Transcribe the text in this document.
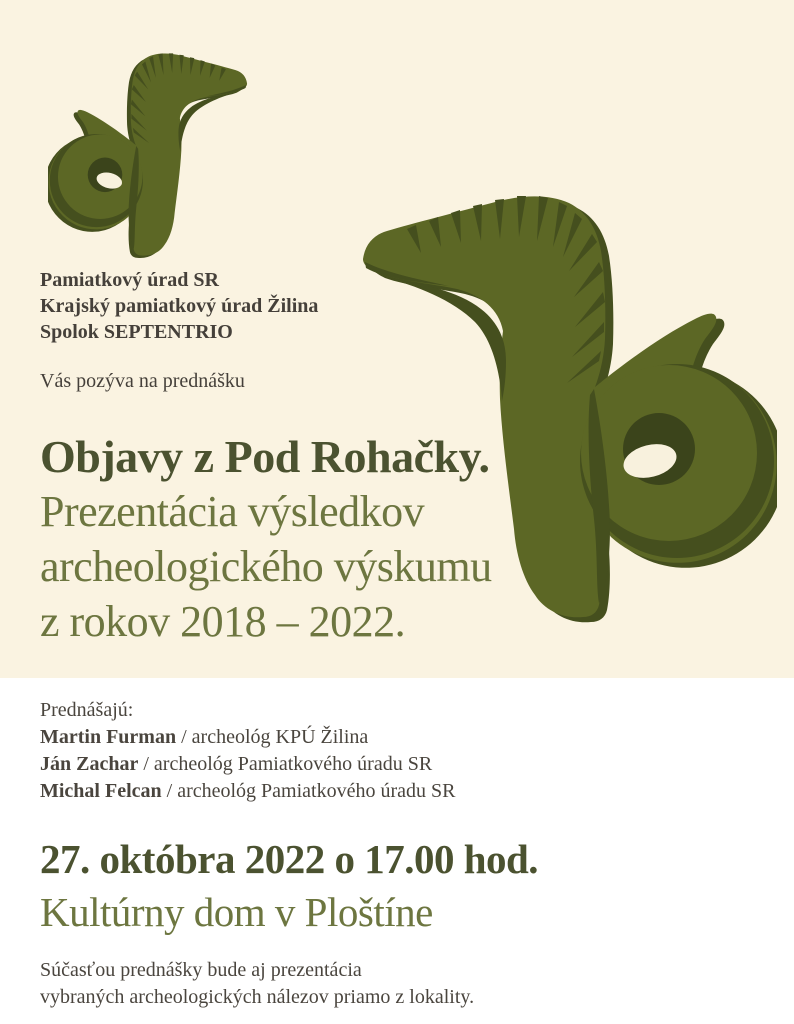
Pamiatkový úrad SR
Krajský pamiatkový úrad Žilina
Spolok SEPTENTRIO
Vás pozýva na prednášku
Objavy z Pod Rohačky.
Prezentácia výsledkov
archeologického výskumu
z rokov 2018 – 2022.
Prednášajú:
Martin Furman / archeológ KPÚ Žilina
Ján Zachar / archeológ Pamiatkového úradu SR
Michal Felcan / archeológ Pamiatkového úradu SR
27. októbra 2022 o 17.00 hod.
Kultúrny dom v Ploštíne
Súčasťou prednášky bude aj prezentácia
vybraných archeologických nálezov priamo z lokality.
